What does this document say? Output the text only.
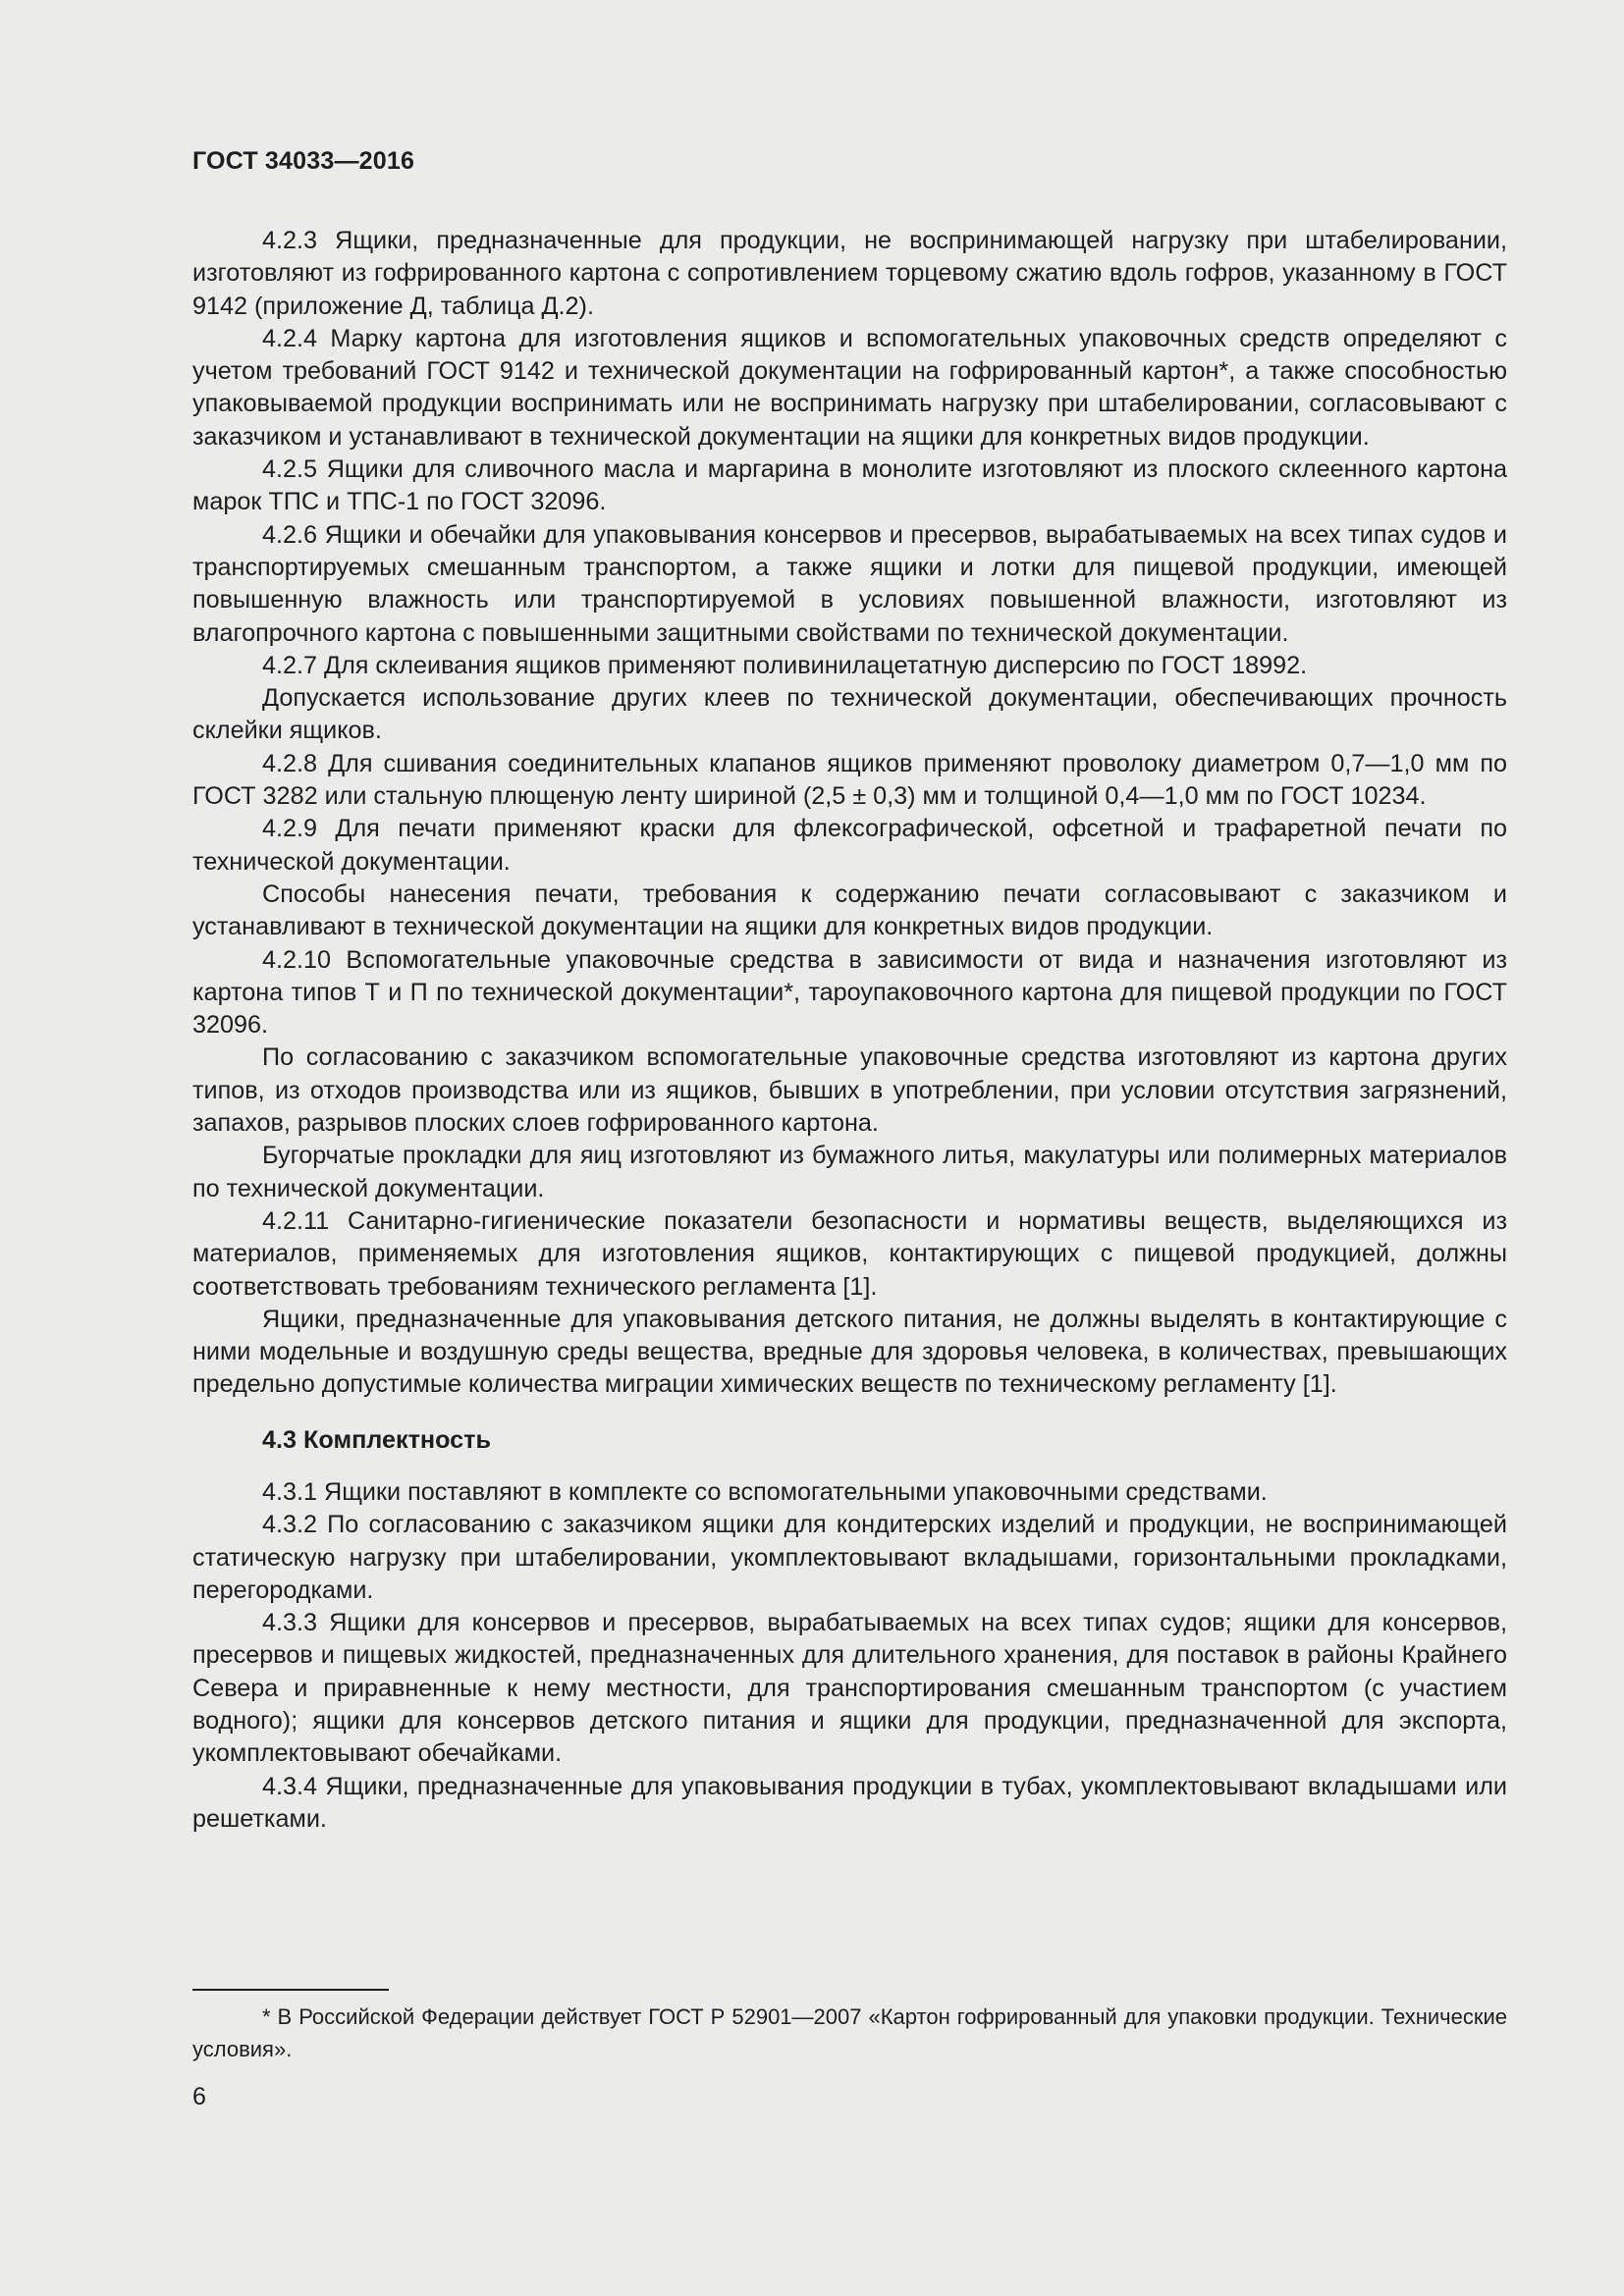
ГОСТ 34033—2016

4.2.3 Ящики, предназначенные для продукции, не воспринимающей нагрузку при штабелировании, изготовляют из гофрированного картона с сопротивлением торцевому сжатию вдоль гофров, указанному в ГОСТ 9142 (приложение Д, таблица Д.2).

4.2.4 Марку картона для изготовления ящиков и вспомогательных упаковочных средств определяют с учетом требований ГОСТ 9142 и технической документации на гофрированный картон*, а также способностью упаковываемой продукции воспринимать или не воспринимать нагрузку при штабелировании, согласовывают с заказчиком и устанавливают в технической документации на ящики для конкретных видов продукции.

4.2.5 Ящики для сливочного масла и маргарина в монолите изготовляют из плоского склеенного картона марок ТПС и ТПС-1 по ГОСТ 32096.

4.2.6 Ящики и обечайки для упаковывания консервов и пресервов, вырабатываемых на всех типах судов и транспортируемых смешанным транспортом, а также ящики и лотки для пищевой продукции, имеющей повышенную влажность или транспортируемой в условиях повышенной влажности, изготовляют из влагопрочного картона с повышенными защитными свойствами по технической документации.

4.2.7 Для склеивания ящиков применяют поливинилацетатную дисперсию по ГОСТ 18992.

Допускается использование других клеев по технической документации, обеспечивающих прочность склейки ящиков.

4.2.8 Для сшивания соединительных клапанов ящиков применяют проволоку диаметром 0,7—1,0 мм по ГОСТ 3282 или стальную плющеную ленту шириной (2,5 ± 0,3) мм и толщиной 0,4—1,0 мм по ГОСТ 10234.

4.2.9 Для печати применяют краски для флексографической, офсетной и трафаретной печати по технической документации.

Способы нанесения печати, требования к содержанию печати согласовывают с заказчиком и устанавливают в технической документации на ящики для конкретных видов продукции.

4.2.10 Вспомогательные упаковочные средства в зависимости от вида и назначения изготовляют из картона типов Т и П по технической документации*, тароупаковочного картона для пищевой продукции по ГОСТ 32096.

По согласованию с заказчиком вспомогательные упаковочные средства изготовляют из картона других типов, из отходов производства или из ящиков, бывших в употреблении, при условии отсутствия загрязнений, запахов, разрывов плоских слоев гофрированного картона.

Бугорчатые прокладки для яиц изготовляют из бумажного литья, макулатуры или полимерных материалов по технической документации.

4.2.11 Санитарно-гигиенические показатели безопасности и нормативы веществ, выделяющихся из материалов, применяемых для изготовления ящиков, контактирующих с пищевой продукцией, должны соответствовать требованиям технического регламента [1].

Ящики, предназначенные для упаковывания детского питания, не должны выделять в контактирующие с ними модельные и воздушную среды вещества, вредные для здоровья человека, в количествах, превышающих предельно допустимые количества миграции химических веществ по техническому регламенту [1].

4.3 Комплектность

4.3.1 Ящики поставляют в комплекте со вспомогательными упаковочными средствами.

4.3.2 По согласованию с заказчиком ящики для кондитерских изделий и продукции, не воспринимающей статическую нагрузку при штабелировании, укомплектовывают вкладышами, горизонтальными прокладками, перегородками.

4.3.3 Ящики для консервов и пресервов, вырабатываемых на всех типах судов; ящики для консервов, пресервов и пищевых жидкостей, предназначенных для длительного хранения, для поставок в районы Крайнего Севера и приравненные к нему местности, для транспортирования смешанным транспортом (с участием водного); ящики для консервов детского питания и ящики для продукции, предназначенной для экспорта, укомплектовывают обечайками.

4.3.4 Ящики, предназначенные для упаковывания продукции в тубах, укомплектовывают вкладышами или решетками.

* В Российской Федерации действует ГОСТ Р 52901—2007 «Картон гофрированный для упаковки продукции. Технические условия».
6
